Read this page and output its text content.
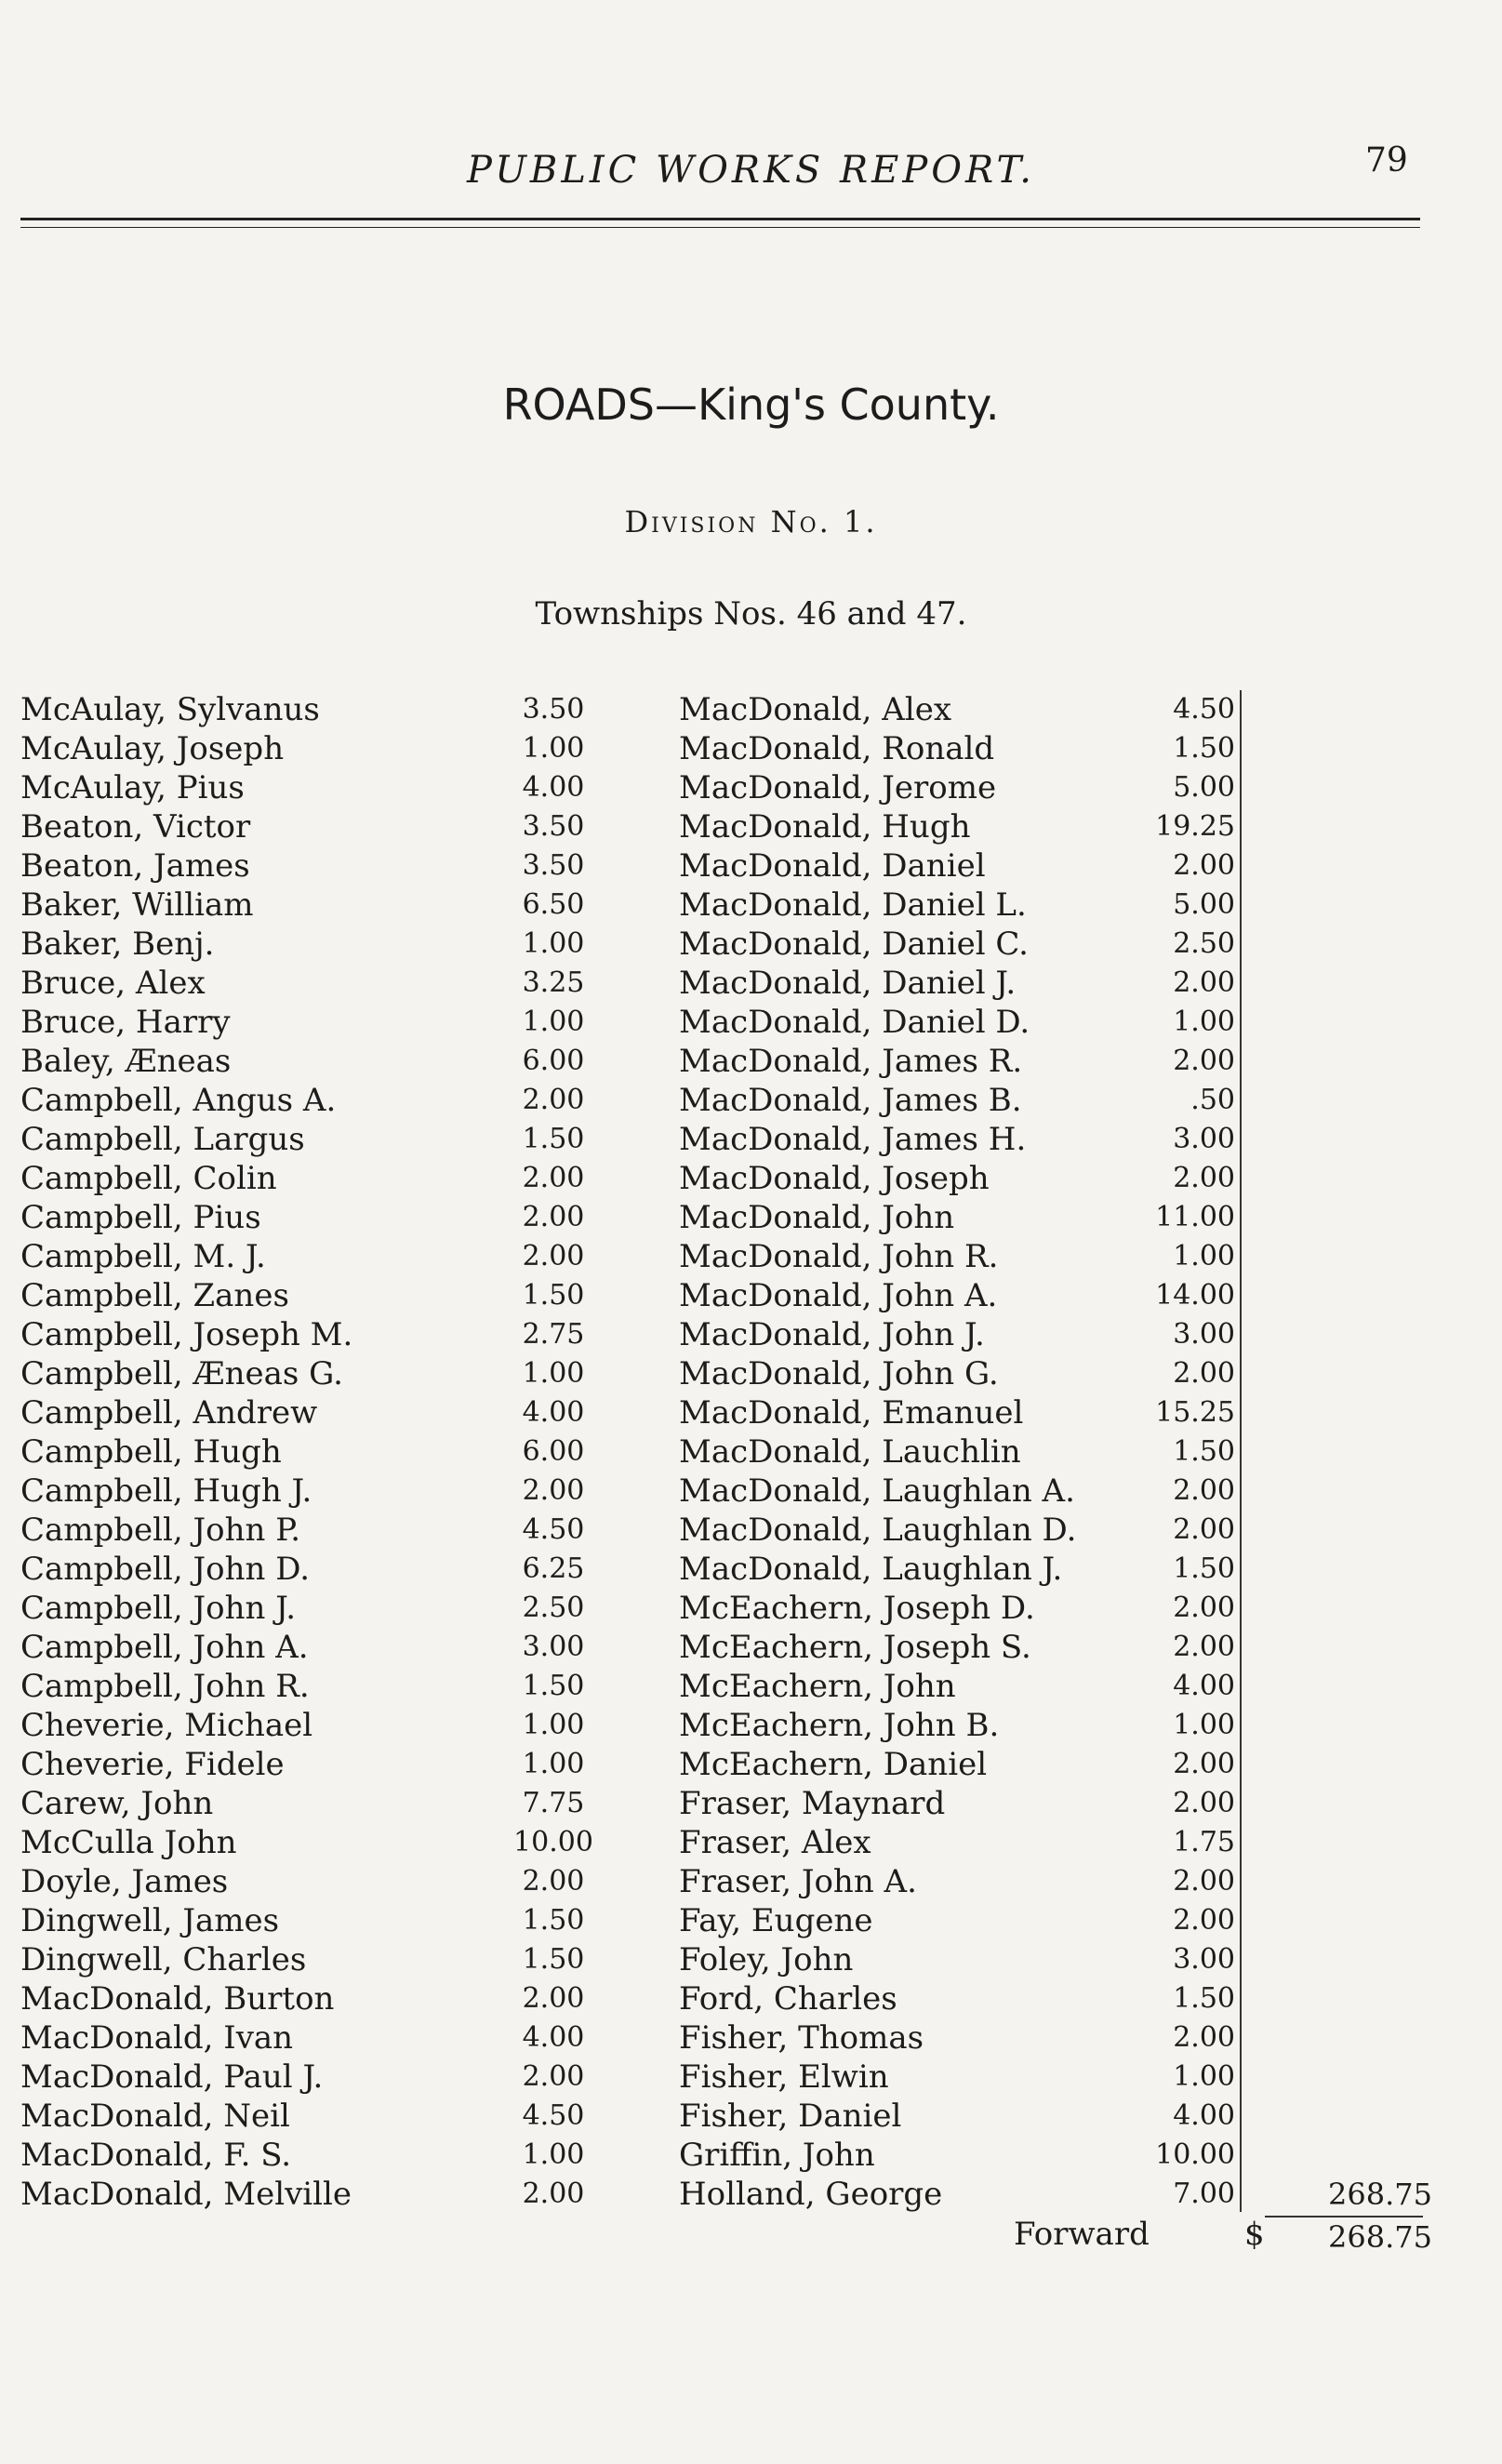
PUBLIC WORKS REPORT.	79
ROADS—King's County.
Division No. 1.
Townships Nos. 46 and 47.
McAulay, Sylvanus	3.50	MacDonald, Alex	4.50
McAulay, Joseph	1.00	MacDonald, Ronald	1.50
McAulay, Pius	4.00	MacDonald, Jerome	5.00
Beaton, Victor	3.50	MacDonald, Hugh	19.25
Beaton, James	3.50	MacDonald, Daniel	2.00
Baker, William	6.50	MacDonald, Daniel L.	5.00
Baker, Benj.	1.00	MacDonald, Daniel C.	2.50
Bruce, Alex	3.25	MacDonald, Daniel J.	2.00
Bruce, Harry	1.00	MacDonald, Daniel D.	1.00
Baley, Æneas	6.00	MacDonald, James R.	2.00
Campbell, Angus A.	2.00	MacDonald, James B.	.50
Campbell, Largus	1.50	MacDonald, James H.	3.00
Campbell, Colin	2.00	MacDonald, Joseph	2.00
Campbell, Pius	2.00	MacDonald, John	11.00
Campbell, M. J.	2.00	MacDonald, John R.	1.00
Campbell, Zanes	1.50	MacDonald, John A.	14.00
Campbell, Joseph M.	2.75	MacDonald, John J.	3.00
Campbell, Æneas G.	1.00	MacDonald, John G.	2.00
Campbell, Andrew	4.00	MacDonald, Emanuel	15.25
Campbell, Hugh	6.00	MacDonald, Lauchlin	1.50
Campbell, Hugh J.	2.00	MacDonald, Laughlan A.	2.00
Campbell, John P.	4.50	MacDonald, Laughlan D.	2.00
Campbell, John D.	6.25	MacDonald, Laughlan J.	1.50
Campbell, John J.	2.50	McEachern, Joseph D.	2.00
Campbell, John A.	3.00	McEachern, Joseph S.	2.00
Campbell, John R.	1.50	McEachern, John	4.00
Cheverie, Michael	1.00	McEachern, John B.	1.00
Cheverie, Fidele	1.00	McEachern, Daniel	2.00
Carew, John	7.75	Fraser, Maynard	2.00
McCulla John	10.00	Fraser, Alex	1.75
Doyle, James	2.00	Fraser, John A.	2.00
Dingwell, James	1.50	Fay, Eugene	2.00
Dingwell, Charles	1.50	Foley, John	3.00
MacDonald, Burton	2.00	Ford, Charles	1.50
MacDonald, Ivan	4.00	Fisher, Thomas	2.00
MacDonald, Paul J.	2.00	Fisher, Elwin	1.00
MacDonald, Neil	4.50	Fisher, Daniel	4.00
MacDonald, F. S.	1.00	Griffin, John	10.00
MacDonald, Melville	2.00	Holland, George	7.00	268.75
Forward	$	268.75
